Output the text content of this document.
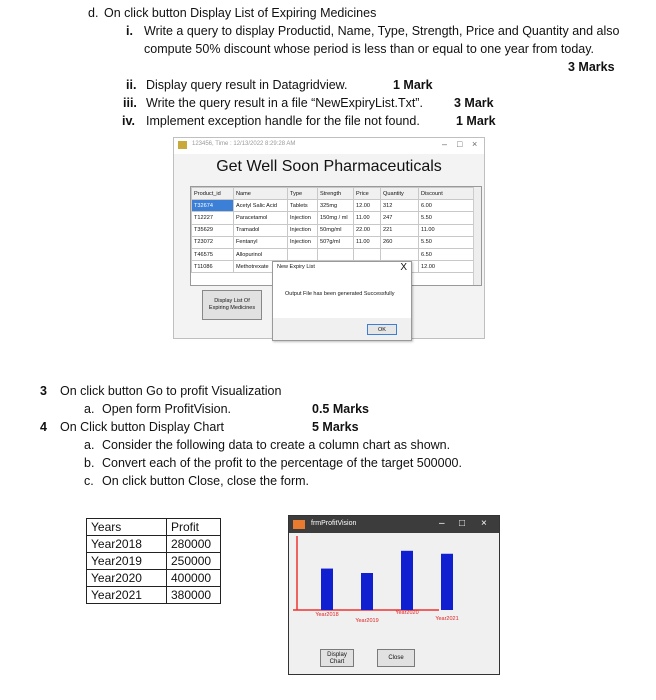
d. On click button Display List of Expiring Medicines
i. Write a query to display Productid, Name, Type, Strength, Price and Quantity and also
compute 50% discount whose period is less than or equal to one year from today.
3 Marks
ii. Display query result in Datagridview.	1 Mark
iii. Write the query result in a file “NewExpiryList.Txt”. 3 Mark
iv. Implement exception handle for the file not found.	1 Mark
123456, Time : 12/13/2022 8:29:28 AM	– □ ×
Get Well Soon Pharmaceuticals
Product_id	Name	Type	Strength	Price	Quantity	Discount
T32674	Acetyl Salic Acid	Tablets	325mg	12.00	312	6.00
T12227	Paracetamol	Injection	150mg / ml	11.00	247	5.50
T35629	Tramadol	Injection	50mg/ml	22.00	221	11.00
T23072	Fentanyl	Injection	50?g/ml	11.00	260	5.50
T46575	Allopurinol					6.50
T11086	Methotrexate					12.00
Display List Of
Expiring Medicines
New Expiry List	X
Output File has been generated Successfully
OK
3 On click button Go to profit Visualization
a. Open form ProfitVision.	0.5 Marks
4 On Click button Display Chart	5 Marks
a. Consider the following data to create a column chart as shown.
b. Convert each of the profit to the percentage of the target 500000.
c. On click button Close, close the form.
Years	Profit
Year2018	280000
Year2019	250000
Year2020	400000
Year2021	380000
frmProfitVision	– □ ×
Year2018
Year2019
Year2020
Year2021
Display
Chart
Close
